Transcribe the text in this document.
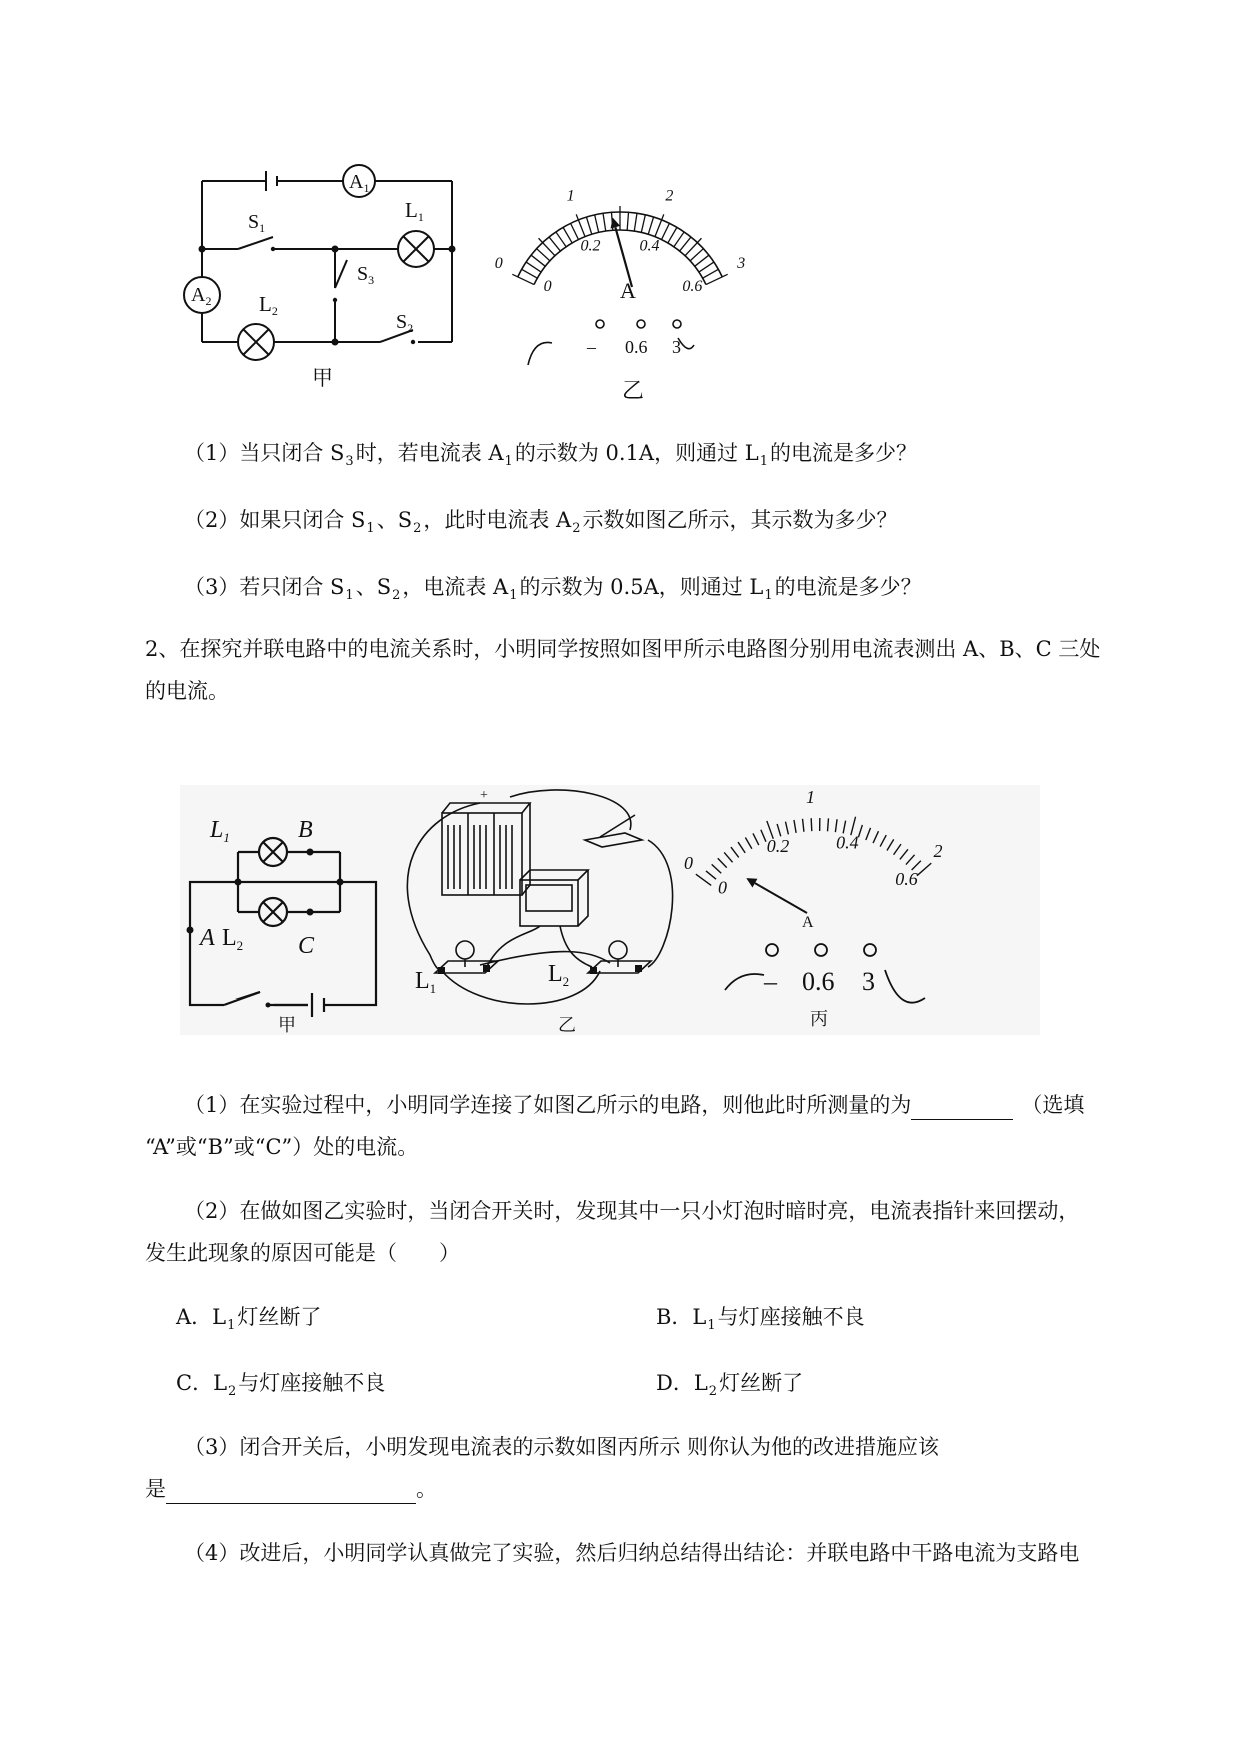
$A_1$
$A_2$
$S_1$
$S_3$
$S_2$
L1
L2
甲
0
1	2
3
0
0.2 0.4
0.6
A
– 0.6 3
乙
（1）当只闭合 $S_3$时，若电流表 $A_1$的示数为 0.1A，则通过 $L_1$的电流是多少？
（2）如果只闭合 $S_1$、$S_2$，此时电流表 $A_2$示数如图乙所示，其示数为多少？
（3）若只闭合 $S_1$、$S_2$，电流表 $A_1$的示数为 0.5A，则通过 $L_1$的电流是多少？
2、在探究并联电路中的电流关系时，小明同学按照如图甲所示电路图分别用电流表测出 A、B、C 三处
的电流。
$L_1$	B
A $L_2$ C
甲
+
$L_1$
$L_2$
乙
0
1
2
0
0.2	0.4
0.6
A
– 0.6 3
丙
（1）在实验过程中，小明同学连接了如图乙所示的电路，则他此时所测量的为	（选填
“A”或“B”或“C”）处的电流。
（2）在做如图乙实验时，当闭合开关时，发现其中一只小灯泡时暗时亮，电流表指针来回摆动，
发生此现象的原因可能是（　　）
A．$L_1$灯丝断了	B．$L_1$与灯座接触不良
C．$L_2$与灯座接触不良	D．$L_2$灯丝断了
（3）闭合开关后，小明发现电流表的示数如图丙所示 则你认为他的改进措施应该
是	。
（4）改进后，小明同学认真做完了实验，然后归纳总结得出结论：并联电路中干路电流为支路电
